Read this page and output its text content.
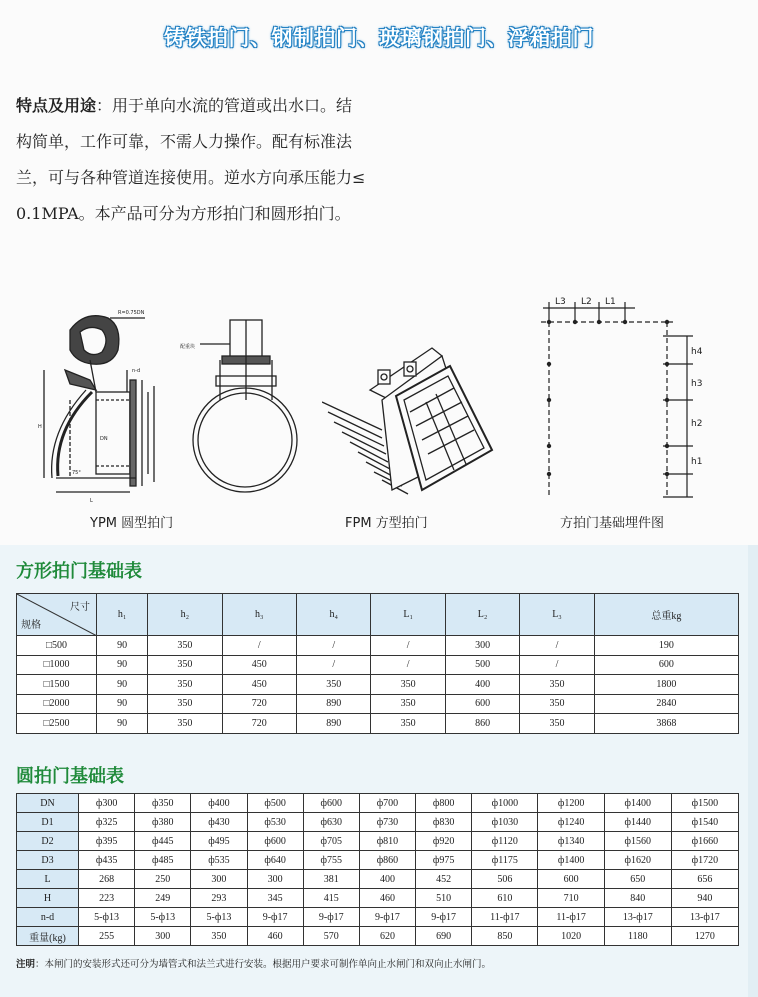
铸铁拍门、钢制拍门、玻璃钢拍门、浮箱拍门
特点及用途：用于单向水流的管道或出水口。结
构简单，工作可靠，不需人力操作。配有标准法
兰，可与各种管道连接使用。逆水方向承压能力≤
0.1MPA。本产品可分为方形拍门和圆形拍门。
R=0.75DN
配重块
75°
H
L
n-d
DN
YPM 圆型拍门	FPM 方型拍门
L3 L2 L1
h4
h3
h2
h1
方拍门基础埋件图
方形拍门基础表
尺寸
规格	h₁	h₂	h₃	h₄	L₁	L₂	L₃	总重kg
□500	90	350	/	/	/	300	/	190
□1000	90	350	450	/	/	500	/	600
□1500	90	350	450	350	350	400	350	1800
□2000	90	350	720	890	350	600	350	2840
□2500	90	350	720	890	350	860	350	3868
圆拍门基础表
DN	ф300	ф350	ф400	ф500	ф600	ф700	ф800	ф1000	ф1200	ф1400	ф1500
D1	ф325	ф380	ф430	ф530	ф630	ф730	ф830	ф1030	ф1240	ф1440	ф1540
D2	ф395	ф445	ф495	ф600	ф705	ф810	ф920	ф1120	ф1340	ф1560	ф1660
D3	ф435	ф485	ф535	ф640	ф755	ф860	ф975	ф1175	ф1400	ф1620	ф1720
L	268	250	300	300	381	400	452	506	600	650	656
H	223	249	293	345	415	460	510	610	710	840	940
n-d	5-ф13	5-ф13	5-ф13	9-ф17	9-ф17	9-ф17	9-ф17	11-ф17	11-ф17	13-ф17	13-ф17
重量(kg)	255	300	350	460	570	620	690	850	1020	1180	1270
注明：本闸门的安装形式还可分为墙管式和法兰式进行安装。根据用户要求可制作单向止水闸门和双向止水闸门。
